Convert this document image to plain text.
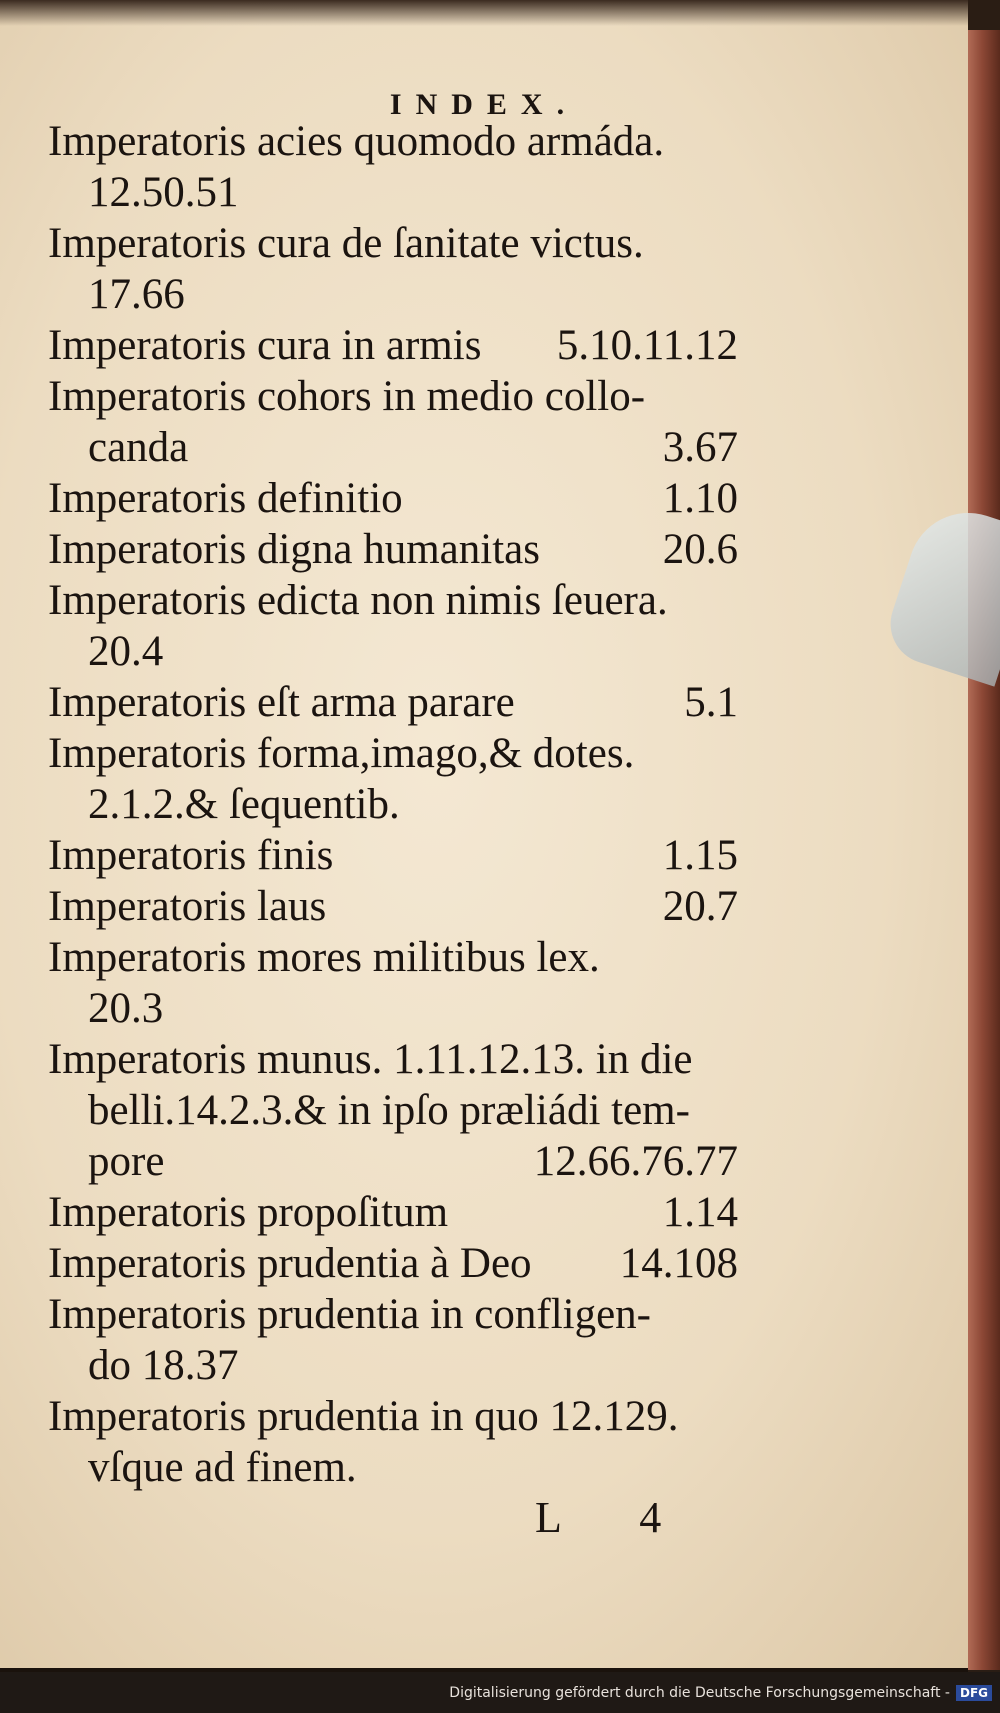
INDEX.
Imperatoris acies quomodo armáda.
12.50.51
Imperatoris cura de ſanitate victus.
17.66
Imperatoris cura in armis 5.10.11.12
Imperatoris cohors in medio collo-
canda	3.67
Imperatoris definitio	1.10
Imperatoris digna humanitas	20.6
Imperatoris edicta non nimis ſeuera.
20.4
Imperatoris eſt arma parare	5.1
Imperatoris forma,imago,& dotes.
2.1.2.& ſequentib.
Imperatoris finis	1.15
Imperatoris laus	20.7
Imperatoris mores militibus lex.
20.3
Imperatoris munus. 1.11.12.13. in die
belli.14.2.3.& in ipſo præliádi tem-
pore	12.66.76.77
Imperatoris propoſitum	1.14
Imperatoris prudentia à Deo 14.108
Imperatoris prudentia in confligen-
do 18.37
Imperatoris prudentia in quo 12.129.
vſque ad finem.
L 4
Digitalisierung gefördert durch die Deutsche Forschungsgemeinschaft - DFG
